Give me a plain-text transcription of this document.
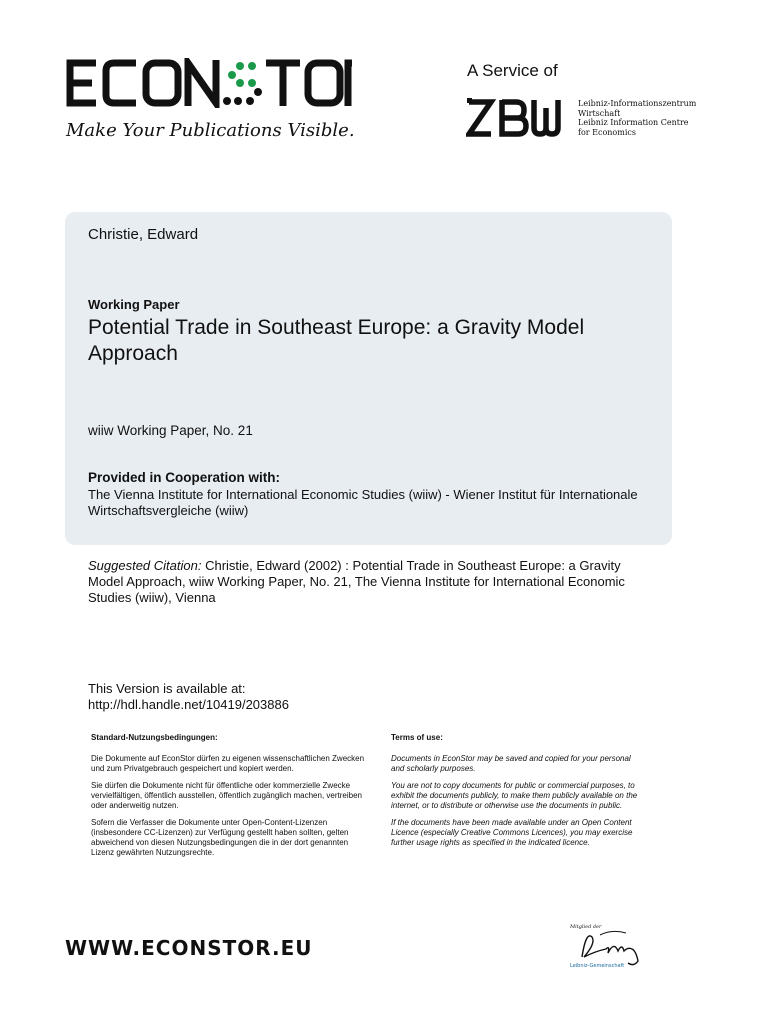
Make Your Publications Visible.
A Service of
Leibniz-Informationszentrum
Wirtschaft
Leibniz Information Centre
for Economics
Christie, Edward
Working Paper
Potential Trade in Southeast Europe: a Gravity Model Approach
wiiw Working Paper, No. 21
Provided in Cooperation with:
The Vienna Institute for International Economic Studies (wiiw) - Wiener Institut für Internationale Wirtschaftsvergleiche (wiiw)
Suggested Citation: Christie, Edward (2002) : Potential Trade in Southeast Europe: a Gravity Model Approach, wiiw Working Paper, No. 21, The Vienna Institute for International Economic Studies (wiiw), Vienna
This Version is available at:
http://hdl.handle.net/10419/203886
Standard-Nutzungsbedingungen:

Die Dokumente auf EconStor dürfen zu eigenen wissenschaftlichen Zwecken und zum Privatgebrauch gespeichert und kopiert werden.

Sie dürfen die Dokumente nicht für öffentliche oder kommerzielle Zwecke vervielfältigen, öffentlich ausstellen, öffentlich zugänglich machen, vertreiben oder anderweitig nutzen.

Sofern die Verfasser die Dokumente unter Open-Content-Lizenzen (insbesondere CC-Lizenzen) zur Verfügung gestellt haben sollten, gelten abweichend von diesen Nutzungsbedingungen die in der dort genannten Lizenz gewährten Nutzungsrechte.

Terms of use:

Documents in EconStor may be saved and copied for your personal and scholarly purposes.

You are not to copy documents for public or commercial purposes, to exhibit the documents publicly, to make them publicly available on the internet, or to distribute or otherwise use the documents in public.

If the documents have been made available under an Open Content Licence (especially Creative Commons Licences), you may exercise further usage rights as specified in the indicated licence.

WWW.ECONSTOR.EU
Mitglied der
Leibniz-Gemeinschaft
